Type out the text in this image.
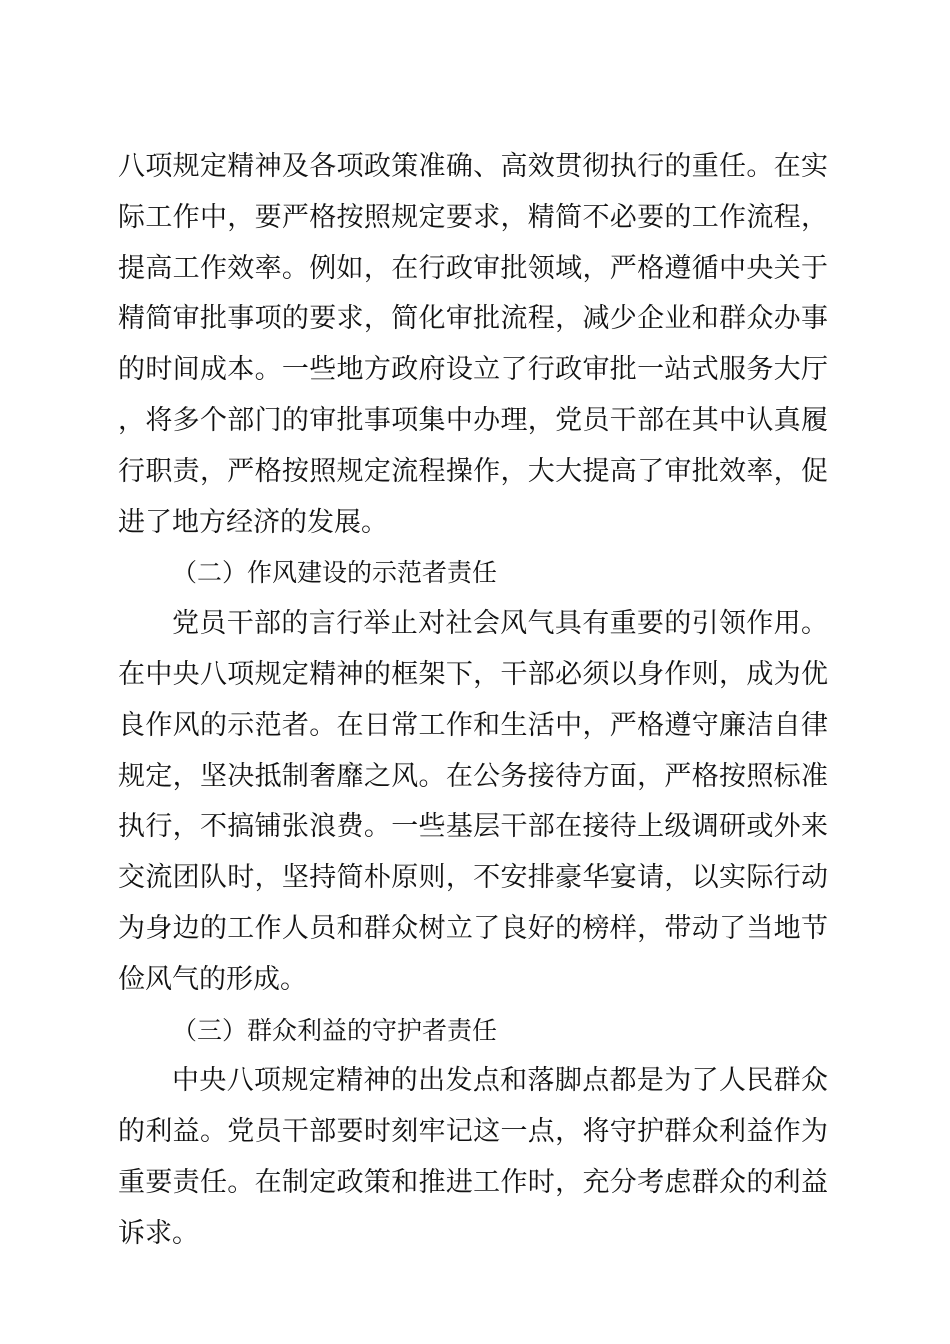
八项规定精神及各项政策准确、高效贯彻执行的重任。在实际工作中，要严格按照规定要求，精简不必要的工作流程，提高工作效率。例如，在行政审批领域，严格遵循中央关于精简审批事项的要求，简化审批流程，减少企业和群众办事的时间成本。一些地方政府设立了行政审批一站式服务大厅，将多个部门的审批事项集中办理，党员干部在其中认真履行职责，严格按照规定流程操作，大大提高了审批效率，促进了地方经济的发展。

（二）作风建设的示范者责任

党员干部的言行举止对社会风气具有重要的引领作用。在中央八项规定精神的框架下，干部必须以身作则，成为优良作风的示范者。在日常工作和生活中，严格遵守廉洁自律规定，坚决抵制奢靡之风。在公务接待方面，严格按照标准执行，不搞铺张浪费。一些基层干部在接待上级调研或外来交流团队时，坚持简朴原则，不安排豪华宴请，以实际行动为身边的工作人员和群众树立了良好的榜样，带动了当地节俭风气的形成。

（三）群众利益的守护者责任

中央八项规定精神的出发点和落脚点都是为了人民群众的利益。党员干部要时刻牢记这一点，将守护群众利益作为重要责任。在制定政策和推进工作时，充分考虑群众的利益诉求。
